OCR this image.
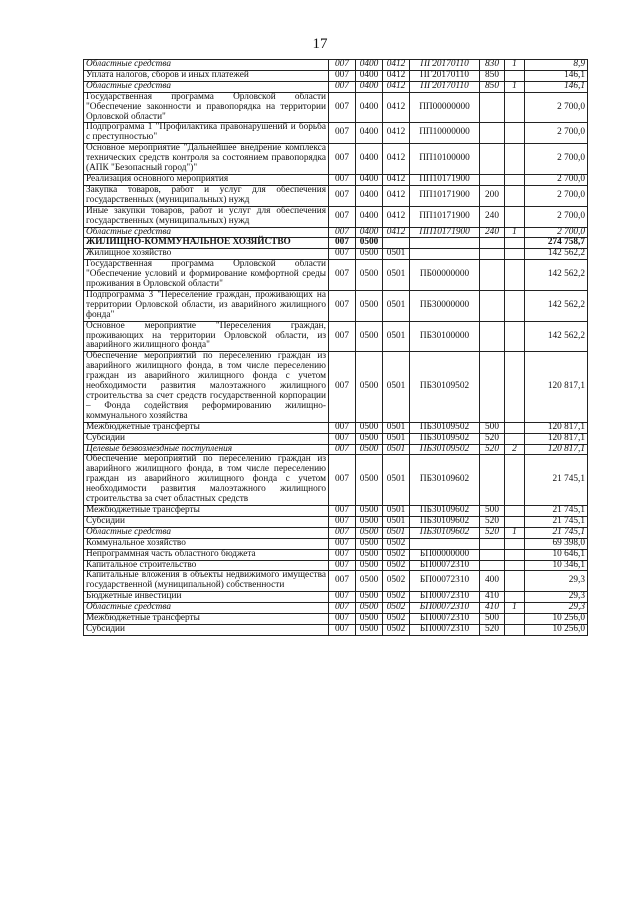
17
Областные средства	007	0400	0412	ПГ20170110	830	1	8,9
Уплата налогов, сборов и иных платежей	007	0400	0412	ПГ20170110	850		146,1
Областные средства	007	0400	0412	ПГ20170110	850	1	146,1
Государственная программа Орловской области "Обеспечение законности и правопорядка на территории Орловской области"	007	0400	0412	ПП00000000			2 700,0
Подпрограмма 1 "Профилактика правонарушений и борьба с преступностью"	007	0400	0412	ПП10000000			2 700,0
Основное мероприятие "Дальнейшее внедрение комплекса технических средств контроля за состоянием правопорядка (АПК "Безопасный город")"	007	0400	0412	ПП10100000			2 700,0
Реализация основного мероприятия	007	0400	0412	ПП10171900			2 700,0
Закупка товаров, работ и услуг для обеспечения государственных (муниципальных) нужд	007	0400	0412	ПП10171900	200		2 700,0
Иные закупки товаров, работ и услуг для обеспечения государственных (муниципальных) нужд	007	0400	0412	ПП10171900	240		2 700,0
Областные средства	007	0400	0412	ПП10171900	240	1	2 700,0
ЖИЛИЩНО-КОММУНАЛЬНОЕ ХОЗЯЙСТВО	007	0500					274 758,7
Жилищное хозяйство	007	0500	0501				142 562,2
Государственная программа Орловской области "Обеспечение условий и формирование комфортной среды проживания в Орловской области"	007	0500	0501	ПБ00000000			142 562,2
Подпрограмма 3 "Переселение граждан, проживающих на территории Орловской области, из аварийного жилищного фонда"	007	0500	0501	ПБ30000000			142 562,2
Основное мероприятие "Переселения граждан, проживающих на территории Орловской области, из аварийного жилищного фонда"	007	0500	0501	ПБ30100000			142 562,2
Обеспечение мероприятий по переселению граждан из аварийного жилищного фонда, в том числе переселению граждан из аварийного жилищного фонда с учетом необходимости развития малоэтажного жилищного строительства за счет средств государственной корпорации – Фонда содействия реформированию жилищно-коммунального хозяйства	007	0500	0501	ПБ30109502			120 817,1
Межбюджетные трансферты	007	0500	0501	ПБ30109502	500		120 817,1
Субсидии	007	0500	0501	ПБ30109502	520		120 817,1
Целевые безвозмездные поступления	007	0500	0501	ПБ30109502	520	2	120 817,1
Обеспечение мероприятий по переселению граждан из аварийного жилищного фонда, в том числе переселению граждан из аварийного жилищного фонда с учетом необходимости развития малоэтажного жилищного строительства за счет областных средств	007	0500	0501	ПБ30109602			21 745,1
Межбюджетные трансферты	007	0500	0501	ПБ30109602	500		21 745,1
Субсидии	007	0500	0501	ПБ30109602	520		21 745,1
Областные средства	007	0500	0501	ПБ30109602	520	1	21 745,1
Коммунальное хозяйство	007	0500	0502				69 398,0
Непрограммная часть областного бюджета	007	0500	0502	БП00000000			10 646,1
Капитальное строительство	007	0500	0502	БП00072310			10 346,1
Капитальные вложения в объекты недвижимого имущества государственной (муниципальной) собственности	007	0500	0502	БП00072310	400		29,3
Бюджетные инвестиции	007	0500	0502	БП00072310	410		29,3
Областные средства	007	0500	0502	БП00072310	410	1	29,3
Межбюджетные трансферты	007	0500	0502	БП00072310	500		10 256,0
Субсидии	007	0500	0502	БП00072310	520		10 256,0
